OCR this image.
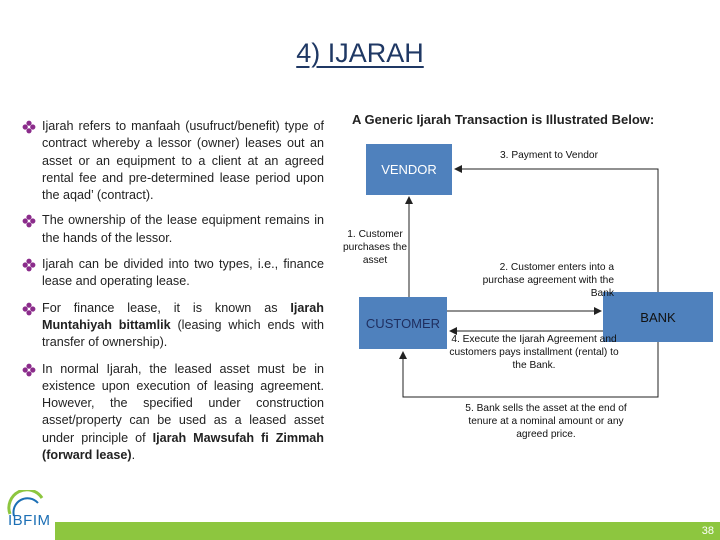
4) IJARAH
Ijarah refers to manfaah (usufruct/benefit) type of contract whereby a lessor (owner) leases out an asset or an equipment to a client at an agreed rental fee and pre-determined lease period upon the aqad’ (contract).
The ownership of the lease equipment remains in the hands of the lessor.
Ijarah can be divided into two types, i.e., finance lease and operating lease.
For finance lease, it is known as Ijarah Muntahiyah bittamlik (leasing which ends with transfer of ownership).
In normal Ijarah, the leased asset must be in existence upon execution of leasing agreement. However, the specified under construction asset/property can be used as a leased asset under principle of Ijarah Mawsufah fi Zimmah (forward lease).
A Generic Ijarah Transaction is Illustrated Below:
VENDOR
CUSTOMER	BANK
3. Payment to Vendor
1. Customer purchases the asset
2. Customer enters into a purchase agreement with the Bank
4. Execute the Ijarah Agreement and customers pays installment (rental) to the Bank.
5. Bank sells the asset at the end of tenure at a nominal amount or any agreed price.
38
IBFIM
